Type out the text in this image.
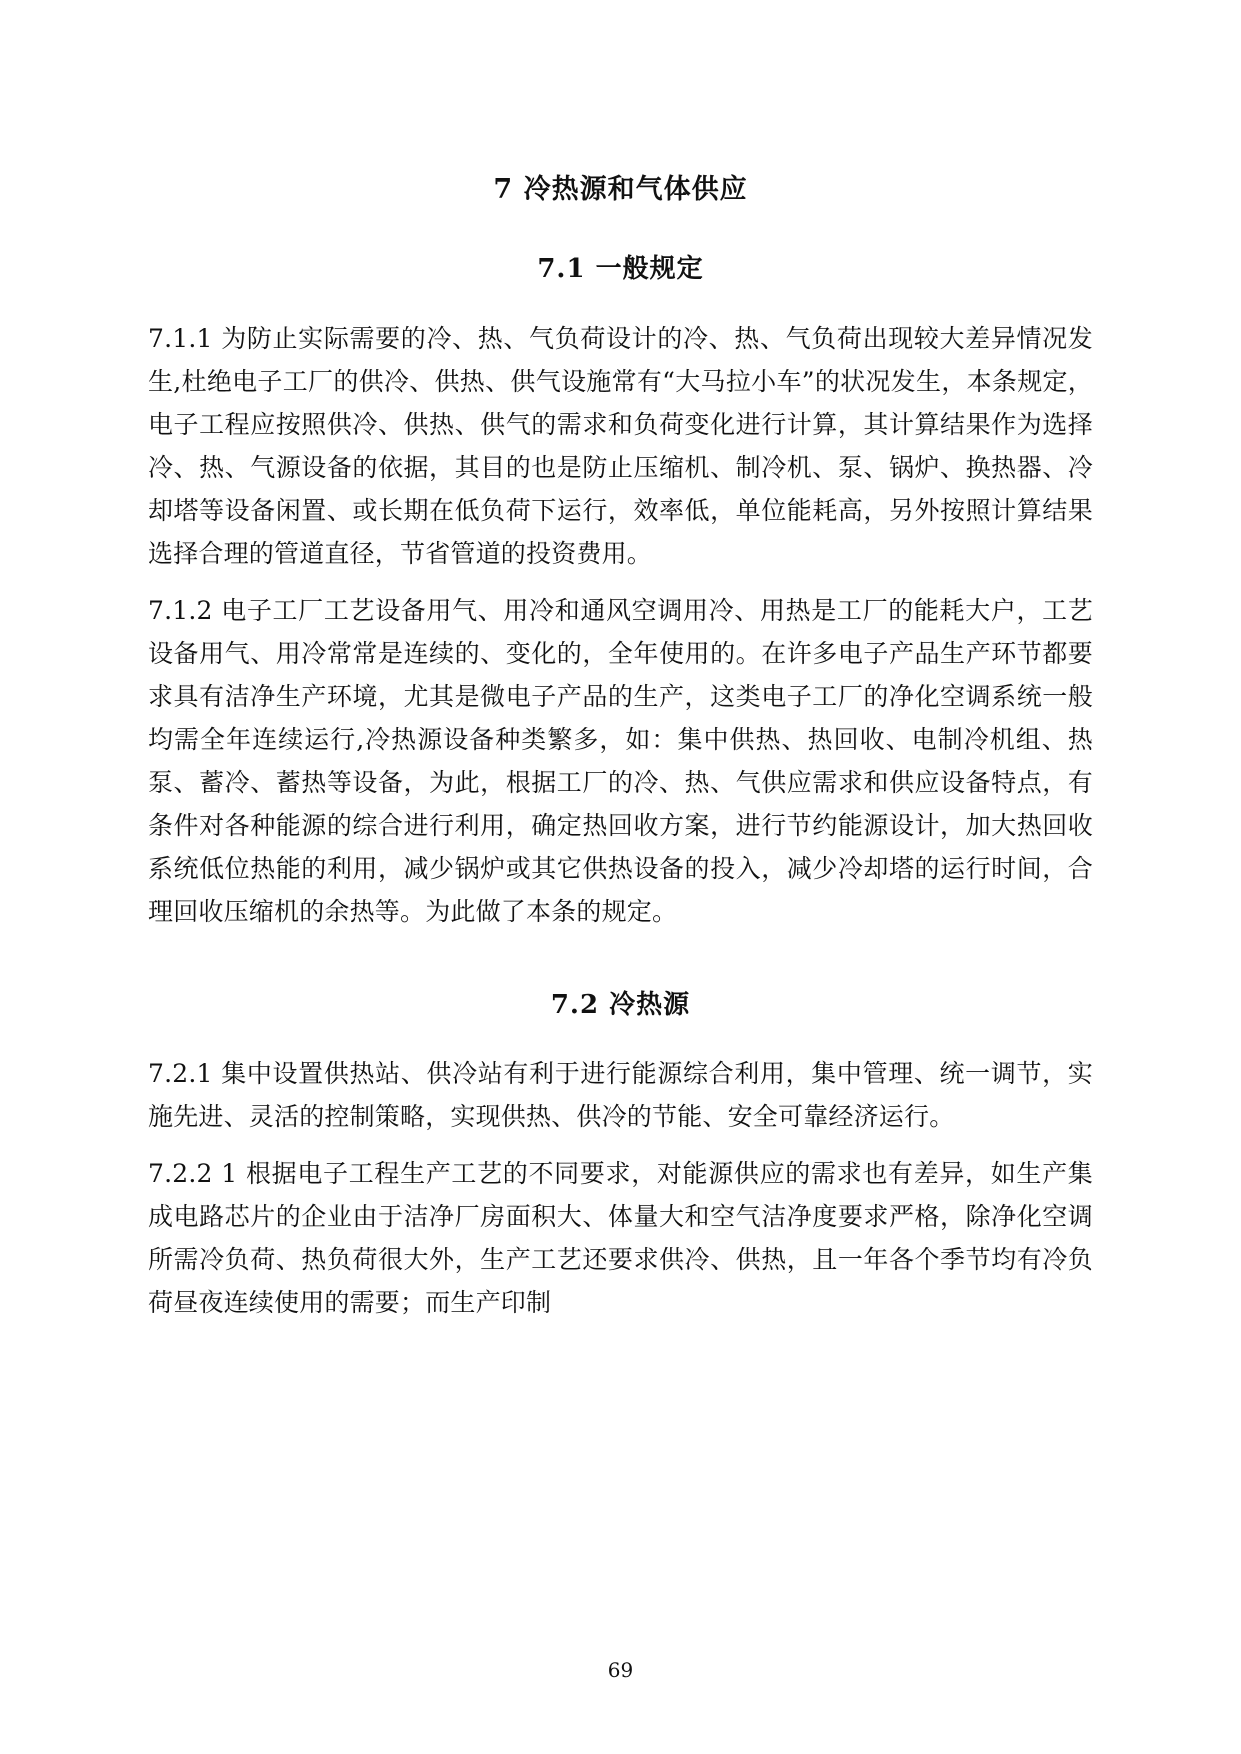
7 冷热源和气体供应
7.1 一般规定

7.1.1 为防止实际需要的冷、热、气负荷设计的冷、热、气负荷出现较大差异情况发生,杜绝电子工厂的供冷、供热、供气设施常有“大马拉小车”的状况发生，本条规定，电子工程应按照供冷、供热、供气的需求和负荷变化进行计算，其计算结果作为选择冷、热、气源设备的依据，其目的也是防止压缩机、制冷机、泵、锅炉、换热器、冷却塔等设备闲置、或长期在低负荷下运行，效率低，单位能耗高，另外按照计算结果选择合理的管道直径，节省管道的投资费用。

7.1.2 电子工厂工艺设备用气、用冷和通风空调用冷、用热是工厂的能耗大户，工艺设备用气、用冷常常是连续的、变化的，全年使用的。在许多电子产品生产环节都要求具有洁净生产环境，尤其是微电子产品的生产，这类电子工厂的净化空调系统一般均需全年连续运行,冷热源设备种类繁多，如：集中供热、热回收、电制冷机组、热泵、蓄冷、蓄热等设备，为此，根据工厂的冷、热、气供应需求和供应设备特点，有条件对各种能源的综合进行利用，确定热回收方案，进行节约能源设计，加大热回收系统低位热能的利用，减少锅炉或其它供热设备的投入，减少冷却塔的运行时间，合理回收压缩机的余热等。为此做了本条的规定。

7.2 冷热源

7.2.1 集中设置供热站、供冷站有利于进行能源综合利用，集中管理、统一调节，实施先进、灵活的控制策略，实现供热、供冷的节能、安全可靠经济运行。

7.2.2 1 根据电子工程生产工艺的不同要求，对能源供应的需求也有差异，如生产集成电路芯片的企业由于洁净厂房面积大、体量大和空气洁净度要求严格，除净化空调所需冷负荷、热负荷很大外，生产工艺还要求供冷、供热，且一年各个季节均有冷负荷昼夜连续使用的需要；而生产印制

69
